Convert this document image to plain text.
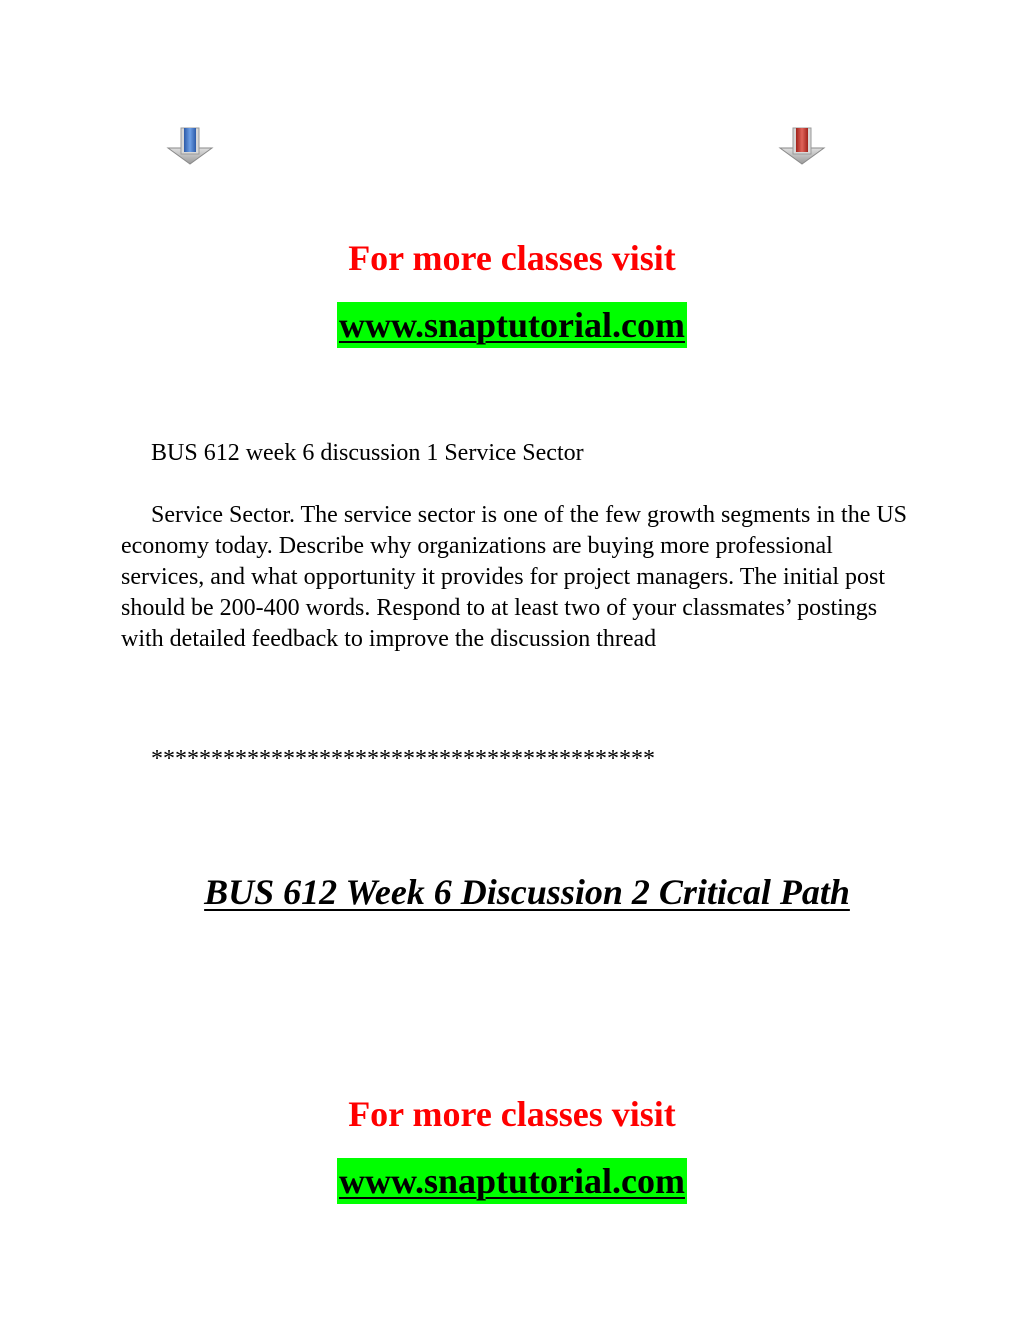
For more classes visit
www.snaptutorial.com

BUS 612 week 6 discussion 1 Service Sector

Service Sector. The service sector is one of the few growth segments in the US economy today. Describe why organizations are buying more professional services, and what opportunity it provides for project managers. The initial post should be 200-400 words. Respond to at least two of your classmates’ postings with detailed feedback to improve the discussion thread

******************************************

BUS 612 Week 6 Discussion 2 Critical Path
For more classes visit
www.snaptutorial.com
